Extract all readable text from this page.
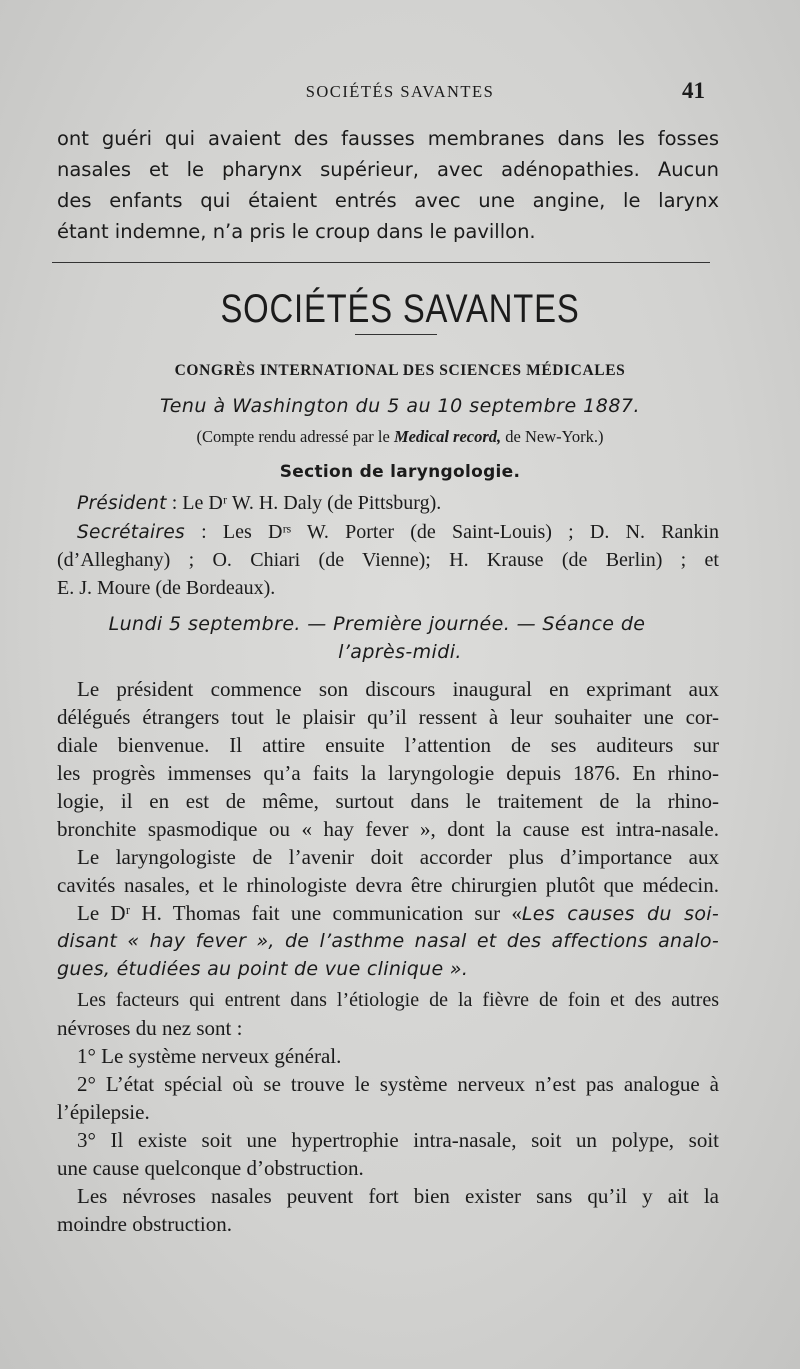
SOCIÉTÉS SAVANTES	41
ont guéri qui avaient des fausses membranes dans les fosses
nasales et le pharynx supérieur, avec adénopathies. Aucun
des enfants qui étaient entrés avec une angine, le larynx
étant indemne, n’a pris le croup dans le pavillon.
SOCIÉTÉS SAVANTES
CONGRÈS INTERNATIONAL DES SCIENCES MÉDICALES
Tenu à Washington du 5 au 10 septembre 1887.
(Compte rendu adressé par le Medical record, de New-York.)
Section de laryngologie.
Président : Le Dʳ W. H. Daly (de Pittsburg).
Secrétaires : Les Dʳˢ W. Porter (de Saint-Louis) ; D. N. Rankin
(d’Alleghany) ; O. Chiari (de Vienne); H. Krause (de Berlin) ; et
E. J. Moure (de Bordeaux).
Lundi 5 septembre. — Première journée. — Séance de
l’après-midi.
Le président commence son discours inaugural en exprimant aux
délégués étrangers tout le plaisir qu’il ressent à leur souhaiter une cor-
diale bienvenue. Il attire ensuite l’attention de ses auditeurs sur
les progrès immenses qu’a faits la laryngologie depuis 1876. En rhino-
logie, il en est de même, surtout dans le traitement de la rhino-
bronchite spasmodique ou « hay fever », dont la cause est intra-nasale.
Le laryngologiste de l’avenir doit accorder plus d’importance aux
cavités nasales, et le rhinologiste devra être chirurgien plutôt que médecin.
Le Dʳ H. Thomas fait une communication sur «Les causes du soi-
disant « hay fever », de l’asthme nasal et des affections analo-
gues, étudiées au point de vue clinique ».
Les facteurs qui entrent dans l’étiologie de la fièvre de foin et des autres
névroses du nez sont :
1° Le système nerveux général.
2° L’état spécial où se trouve le système nerveux n’est pas analogue à
l’épilepsie.
3° Il existe soit une hypertrophie intra-nasale, soit un polype, soit
une cause quelconque d’obstruction.
Les névroses nasales peuvent fort bien exister sans qu’il y ait la
moindre obstruction.
